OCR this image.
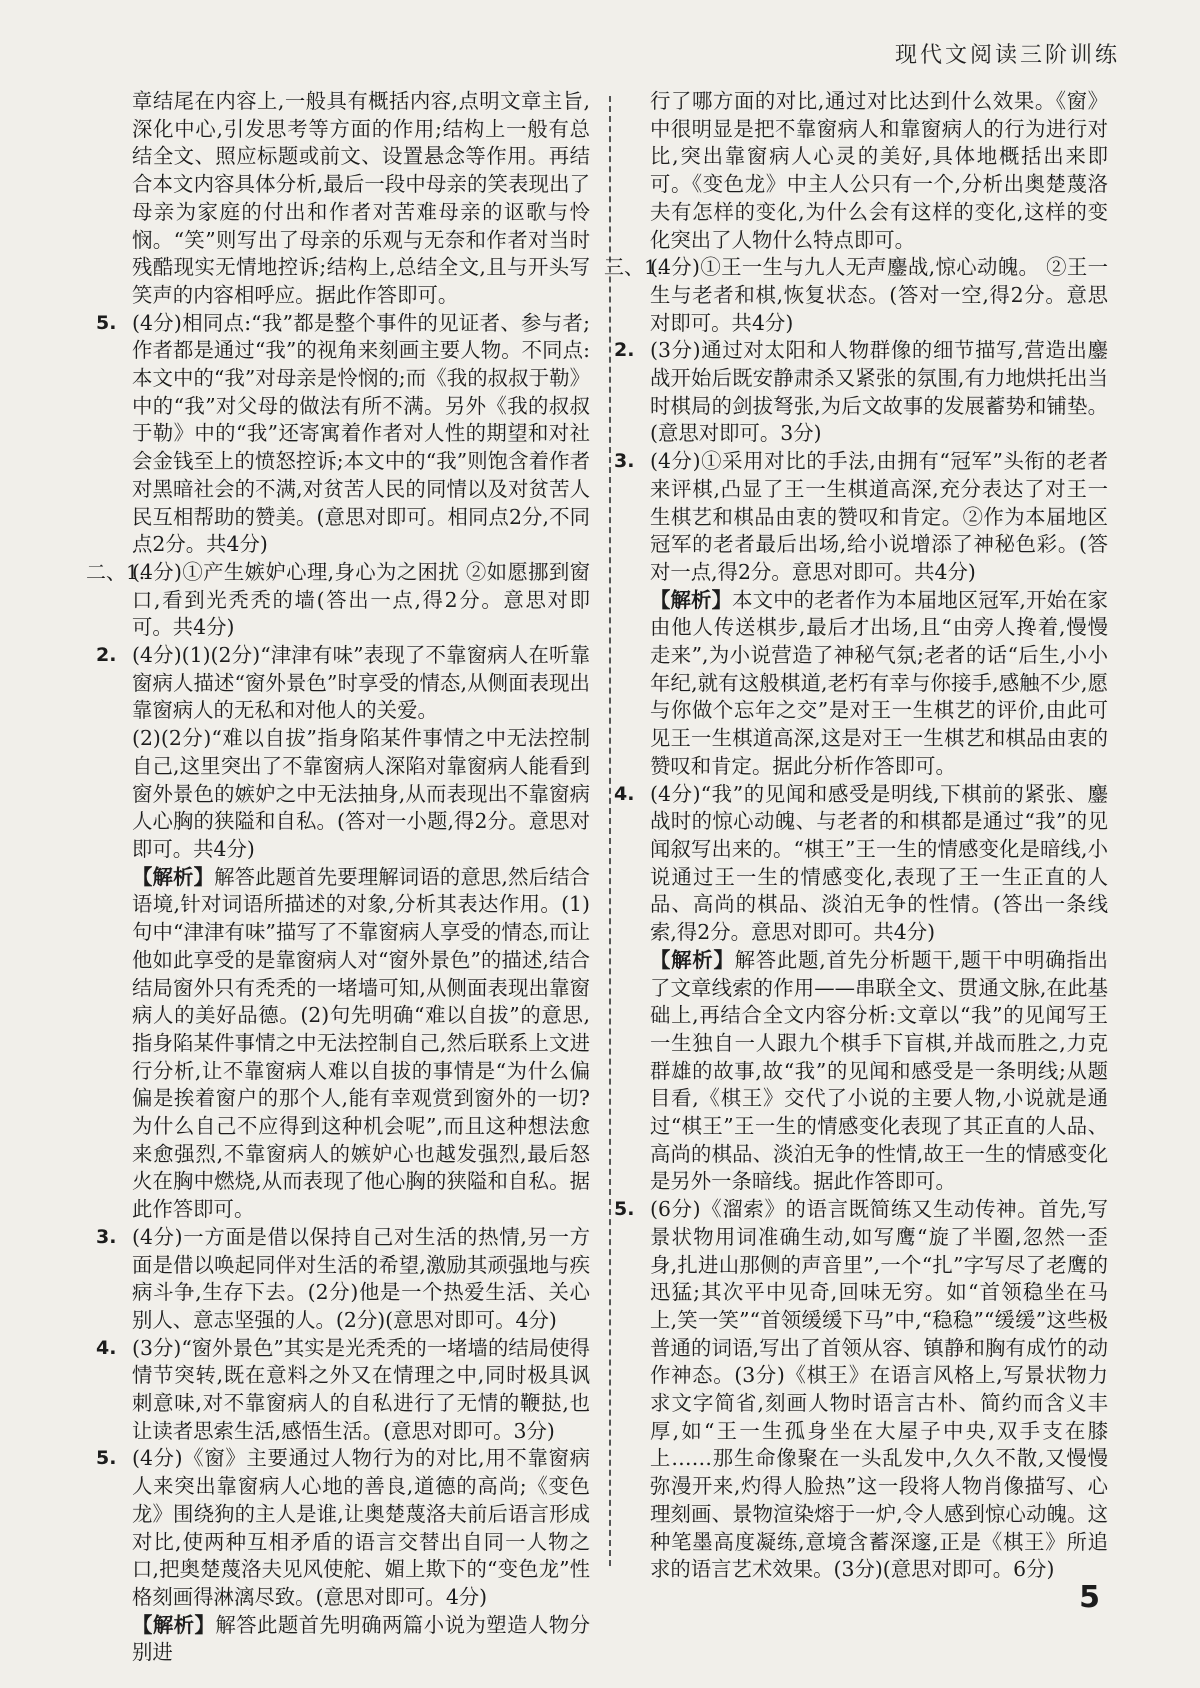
现代文阅读三阶训练
章结尾在内容上,一般具有概括内容,点明文章主旨,深化中心,引发思考等方面的作用;结构上一般有总结全文、照应标题或前文、设置悬念等作用。再结合本文内容具体分析,最后一段中母亲的笑表现出了母亲为家庭的付出和作者对苦难母亲的讴歌与怜悯。“笑”则写出了母亲的乐观与无奈和作者对当时残酷现实无情地控诉;结构上,总结全文,且与开头写笑声的内容相呼应。据此作答即可。
5. (4分)相同点:“我”都是整个事件的见证者、参与者;作者都是通过“我”的视角来刻画主要人物。不同点:本文中的“我”对母亲是怜悯的;而《我的叔叔于勒》中的“我”对父母的做法有所不满。另外《我的叔叔于勒》中的“我”还寄寓着作者对人性的期望和对社会金钱至上的愤怒控诉;本文中的“我”则饱含着作者对黑暗社会的不满,对贫苦人民的同情以及对贫苦人民互相帮助的赞美。(意思对即可。相同点2分,不同点2分。共4分)
二、1.
(4分)①产生嫉妒心理,身心为之困扰 ②如愿挪到窗口,看到光秃秃的墙(答出一点,得2分。意思对即可。共4分)
2. (4分)(1)(2分)“津津有味”表现了不靠窗病人在听靠窗病人描述“窗外景色”时享受的情态,从侧面表现出靠窗病人的无私和对他人的关爱。
(2)(2分)“难以自拔”指身陷某件事情之中无法控制自己,这里突出了不靠窗病人深陷对靠窗病人能看到窗外景色的嫉妒之中无法抽身,从而表现出不靠窗病人心胸的狭隘和自私。(答对一小题,得2分。意思对即可。共4分)
【解析】解答此题首先要理解词语的意思,然后结合语境,针对词语所描述的对象,分析其表达作用。(1)句中“津津有味”描写了不靠窗病人享受的情态,而让他如此享受的是靠窗病人对“窗外景色”的描述,结合结局窗外只有秃秃的一堵墙可知,从侧面表现出靠窗病人的美好品德。(2)句先明确“难以自拔”的意思,指身陷某件事情之中无法控制自己,然后联系上文进行分析,让不靠窗病人难以自拔的事情是“为什么偏偏是挨着窗户的那个人,能有幸观赏到窗外的一切?为什么自己不应得到这种机会呢”,而且这种想法愈来愈强烈,不靠窗病人的嫉妒心也越发强烈,最后怒火在胸中燃烧,从而表现了他心胸的狭隘和自私。据此作答即可。
3. (4分)一方面是借以保持自己对生活的热情,另一方面是借以唤起同伴对生活的希望,激励其顽强地与疾病斗争,生存下去。(2分)他是一个热爱生活、关心别人、意志坚强的人。(2分)(意思对即可。4分)
4. (3分)“窗外景色”其实是光秃秃的一堵墙的结局使得情节突转,既在意料之外又在情理之中,同时极具讽刺意味,对不靠窗病人的自私进行了无情的鞭挞,也让读者思索生活,感悟生活。(意思对即可。3分)
5. (4分)《窗》主要通过人物行为的对比,用不靠窗病人来突出靠窗病人心地的善良,道德的高尚;《变色龙》围绕狗的主人是谁,让奥楚蔑洛夫前后语言形成对比,使两种互相矛盾的语言交替出自同一人物之口,把奥楚蔑洛夫见风使舵、媚上欺下的“变色龙”性格刻画得淋漓尽致。(意思对即可。4分)
【解析】解答此题首先明确两篇小说为塑造人物分别进
行了哪方面的对比,通过对比达到什么效果。《窗》中很明显是把不靠窗病人和靠窗病人的行为进行对比,突出靠窗病人心灵的美好,具体地概括出来即可。《变色龙》中主人公只有一个,分析出奥楚蔑洛夫有怎样的变化,为什么会有这样的变化,这样的变化突出了人物什么特点即可。
三、1.
(4分)①王一生与九人无声鏖战,惊心动魄。 ②王一生与老者和棋,恢复状态。(答对一空,得2分。意思对即可。共4分)
2. (3分)通过对太阳和人物群像的细节描写,营造出鏖战开始后既安静肃杀又紧张的氛围,有力地烘托出当时棋局的剑拔弩张,为后文故事的发展蓄势和铺垫。(意思对即可。3分)
3. (4分)①采用对比的手法,由拥有“冠军”头衔的老者来评棋,凸显了王一生棋道高深,充分表达了对王一生棋艺和棋品由衷的赞叹和肯定。②作为本届地区冠军的老者最后出场,给小说增添了神秘色彩。(答对一点,得2分。意思对即可。共4分)
【解析】本文中的老者作为本届地区冠军,开始在家由他人传送棋步,最后才出场,且“由旁人搀着,慢慢走来”,为小说营造了神秘气氛;老者的话“后生,小小年纪,就有这般棋道,老朽有幸与你接手,感触不少,愿与你做个忘年之交”是对王一生棋艺的评价,由此可见王一生棋道高深,这是对王一生棋艺和棋品由衷的赞叹和肯定。据此分析作答即可。
4. (4分)“我”的见闻和感受是明线,下棋前的紧张、鏖战时的惊心动魄、与老者的和棋都是通过“我”的见闻叙写出来的。“棋王”王一生的情感变化是暗线,小说通过王一生的情感变化,表现了王一生正直的人品、高尚的棋品、淡泊无争的性情。(答出一条线索,得2分。意思对即可。共4分)
【解析】解答此题,首先分析题干,题干中明确指出了文章线索的作用——串联全文、贯通文脉,在此基础上,再结合全文内容分析:文章以“我”的见闻写王一生独自一人跟九个棋手下盲棋,并战而胜之,力克群雄的故事,故“我”的见闻和感受是一条明线;从题目看,《棋王》交代了小说的主要人物,小说就是通过“棋王”王一生的情感变化表现了其正直的人品、高尚的棋品、淡泊无争的性情,故王一生的情感变化是另外一条暗线。据此作答即可。
5. (6分)《溜索》的语言既简练又生动传神。首先,写景状物用词准确生动,如写鹰“旋了半圈,忽然一歪身,扎进山那侧的声音里”,一个“扎”字写尽了老鹰的迅猛;其次平中见奇,回味无穷。如“首领稳坐在马上,笑一笑”“首领缓缓下马”中,“稳稳”“缓缓”这些极普通的词语,写出了首领从容、镇静和胸有成竹的动作神态。(3分)《棋王》在语言风格上,写景状物力求文字简省,刻画人物时语言古朴、简约而含义丰厚,如“王一生孤身坐在大屋子中央,双手支在膝上……那生命像聚在一头乱发中,久久不散,又慢慢弥漫开来,灼得人脸热”这一段将人物肖像描写、心理刻画、景物渲染熔于一炉,令人感到惊心动魄。这种笔墨高度凝练,意境含蓄深邃,正是《棋王》所追求的语言艺术效果。(3分)(意思对即可。6分)
5
